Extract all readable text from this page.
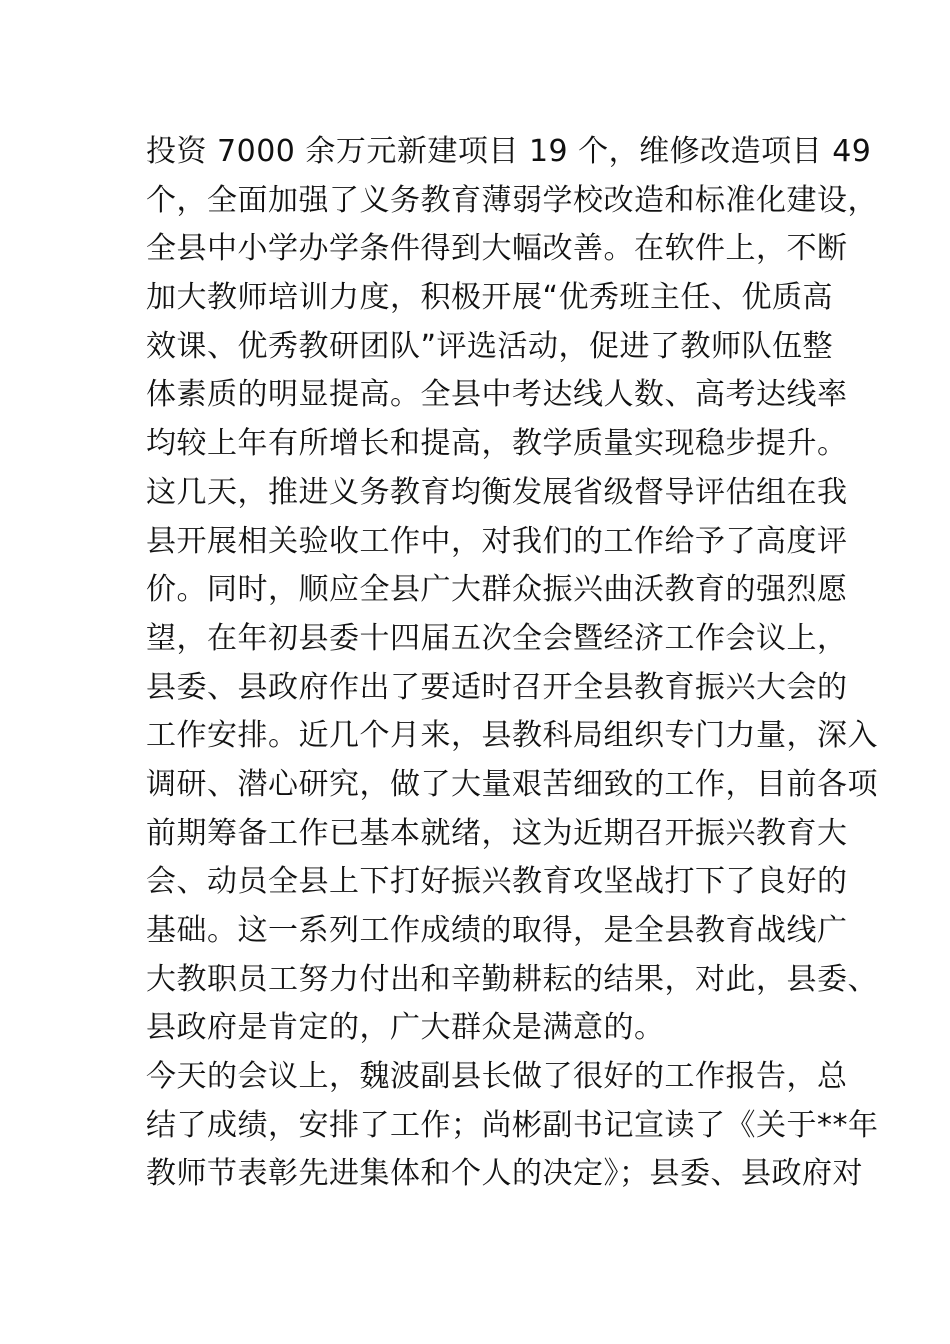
投资 7000 余万元新建项目 19 个，维修改造项目 49
个，全面加强了义务教育薄弱学校改造和标准化建设，
全县中小学办学条件得到大幅改善。在软件上，不断
加大教师培训力度，积极开展“优秀班主任、优质高
效课、优秀教研团队”评选活动，促进了教师队伍整
体素质的明显提高。全县中考达线人数、高考达线率
均较上年有所增长和提高，教学质量实现稳步提升。
这几天，推进义务教育均衡发展省级督导评估组在我
县开展相关验收工作中，对我们的工作给予了高度评
价。同时，顺应全县广大群众振兴曲沃教育的强烈愿
望，在年初县委十四届五次全会暨经济工作会议上，
县委、县政府作出了要适时召开全县教育振兴大会的
工作安排。近几个月来，县教科局组织专门力量，深入
调研、潜心研究，做了大量艰苦细致的工作，目前各项
前期筹备工作已基本就绪，这为近期召开振兴教育大
会、动员全县上下打好振兴教育攻坚战打下了良好的
基础。这一系列工作成绩的取得，是全县教育战线广
大教职员工努力付出和辛勤耕耘的结果，对此，县委、
县政府是肯定的，广大群众是满意的。
今天的会议上，魏波副县长做了很好的工作报告，总
结了成绩，安排了工作；尚彬副书记宣读了《关于**年
教师节表彰先进集体和个人的决定》；县委、县政府对
